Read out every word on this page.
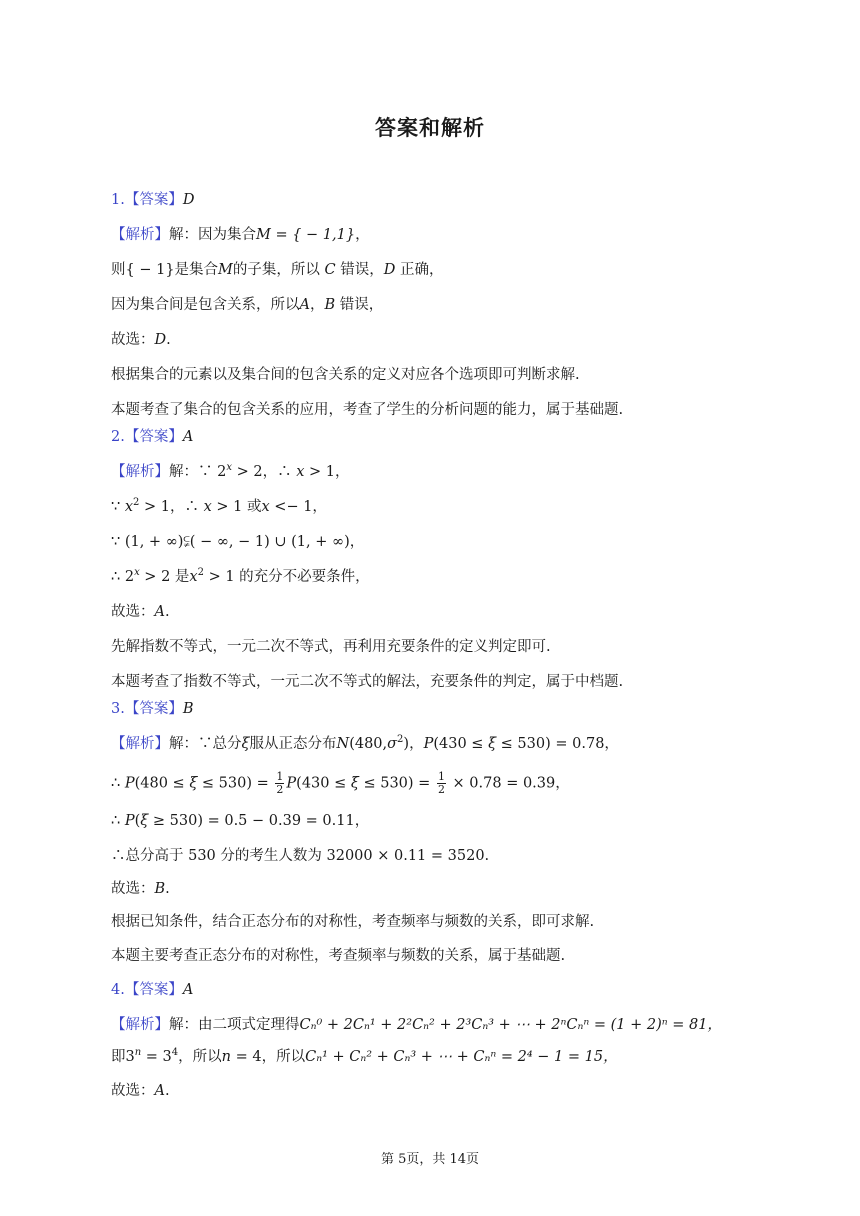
答案和解析
1.【答案】D
【解析】解：因为集合M = { − 1,1}，
则{ − 1}是集合M的子集，所以 C 错误，D 正确，
因为集合间是包含关系，所以A，B 错误，
故选：D.
根据集合的元素以及集合间的包含关系的定义对应各个选项即可判断求解.
本题考查了集合的包含关系的应用，考查了学生的分析问题的能力，属于基础题.
2.【答案】A
【解析】解：∵ $2^x > 2$，∴ x > 1，
∵ $x^2 > 1$，∴ x > 1 或x <− 1，
∵ (1, + ∞)⫋( − ∞, − 1) ∪ (1, + ∞)，
∴ $2^x > 2$ 是$x^2 > 1$ 的充分不必要条件，
故选：A.
先解指数不等式，一元二次不等式，再利用充要条件的定义判定即可.
本题考查了指数不等式，一元二次不等式的解法，充要条件的判定，属于中档题.
3.【答案】B
【解析】解：∵总分ξ服从正态分布$N(480,\sigma^2)$，P(430 ≤ ξ ≤ 530) = 0.78，
∴ $P(480 \le \xi \le 530) = \frac{1}{2} P(430 \le \xi \le 530) = \frac{1}{2} \times 0.78 = 0.39$，
∴ P(ξ ≥ 530) = 0.5 − 0.39 = 0.11，
∴总分高于 530 分的考生人数为 32000 × 0.11 = 3520.
故选：B.
根据已知条件，结合正态分布的对称性，考查频率与频数的关系，即可求解.
本题主要考查正态分布的对称性，考查频率与频数的关系，属于基础题.
4.【答案】A
【解析】解：由二项式定理得Cₙ⁰ + 2Cₙ¹ + 2²Cₙ² + 2³Cₙ³ + ⋯ + 2ⁿCₙⁿ = (1 + 2)ⁿ = 81，
即$3^n = 3^4$，所以n = 4，所以Cₙ¹ + Cₙ² + Cₙ³ + ⋯ + Cₙⁿ = 2⁴ − 1 = 15，
故选：A.
第 5页，共 14页
